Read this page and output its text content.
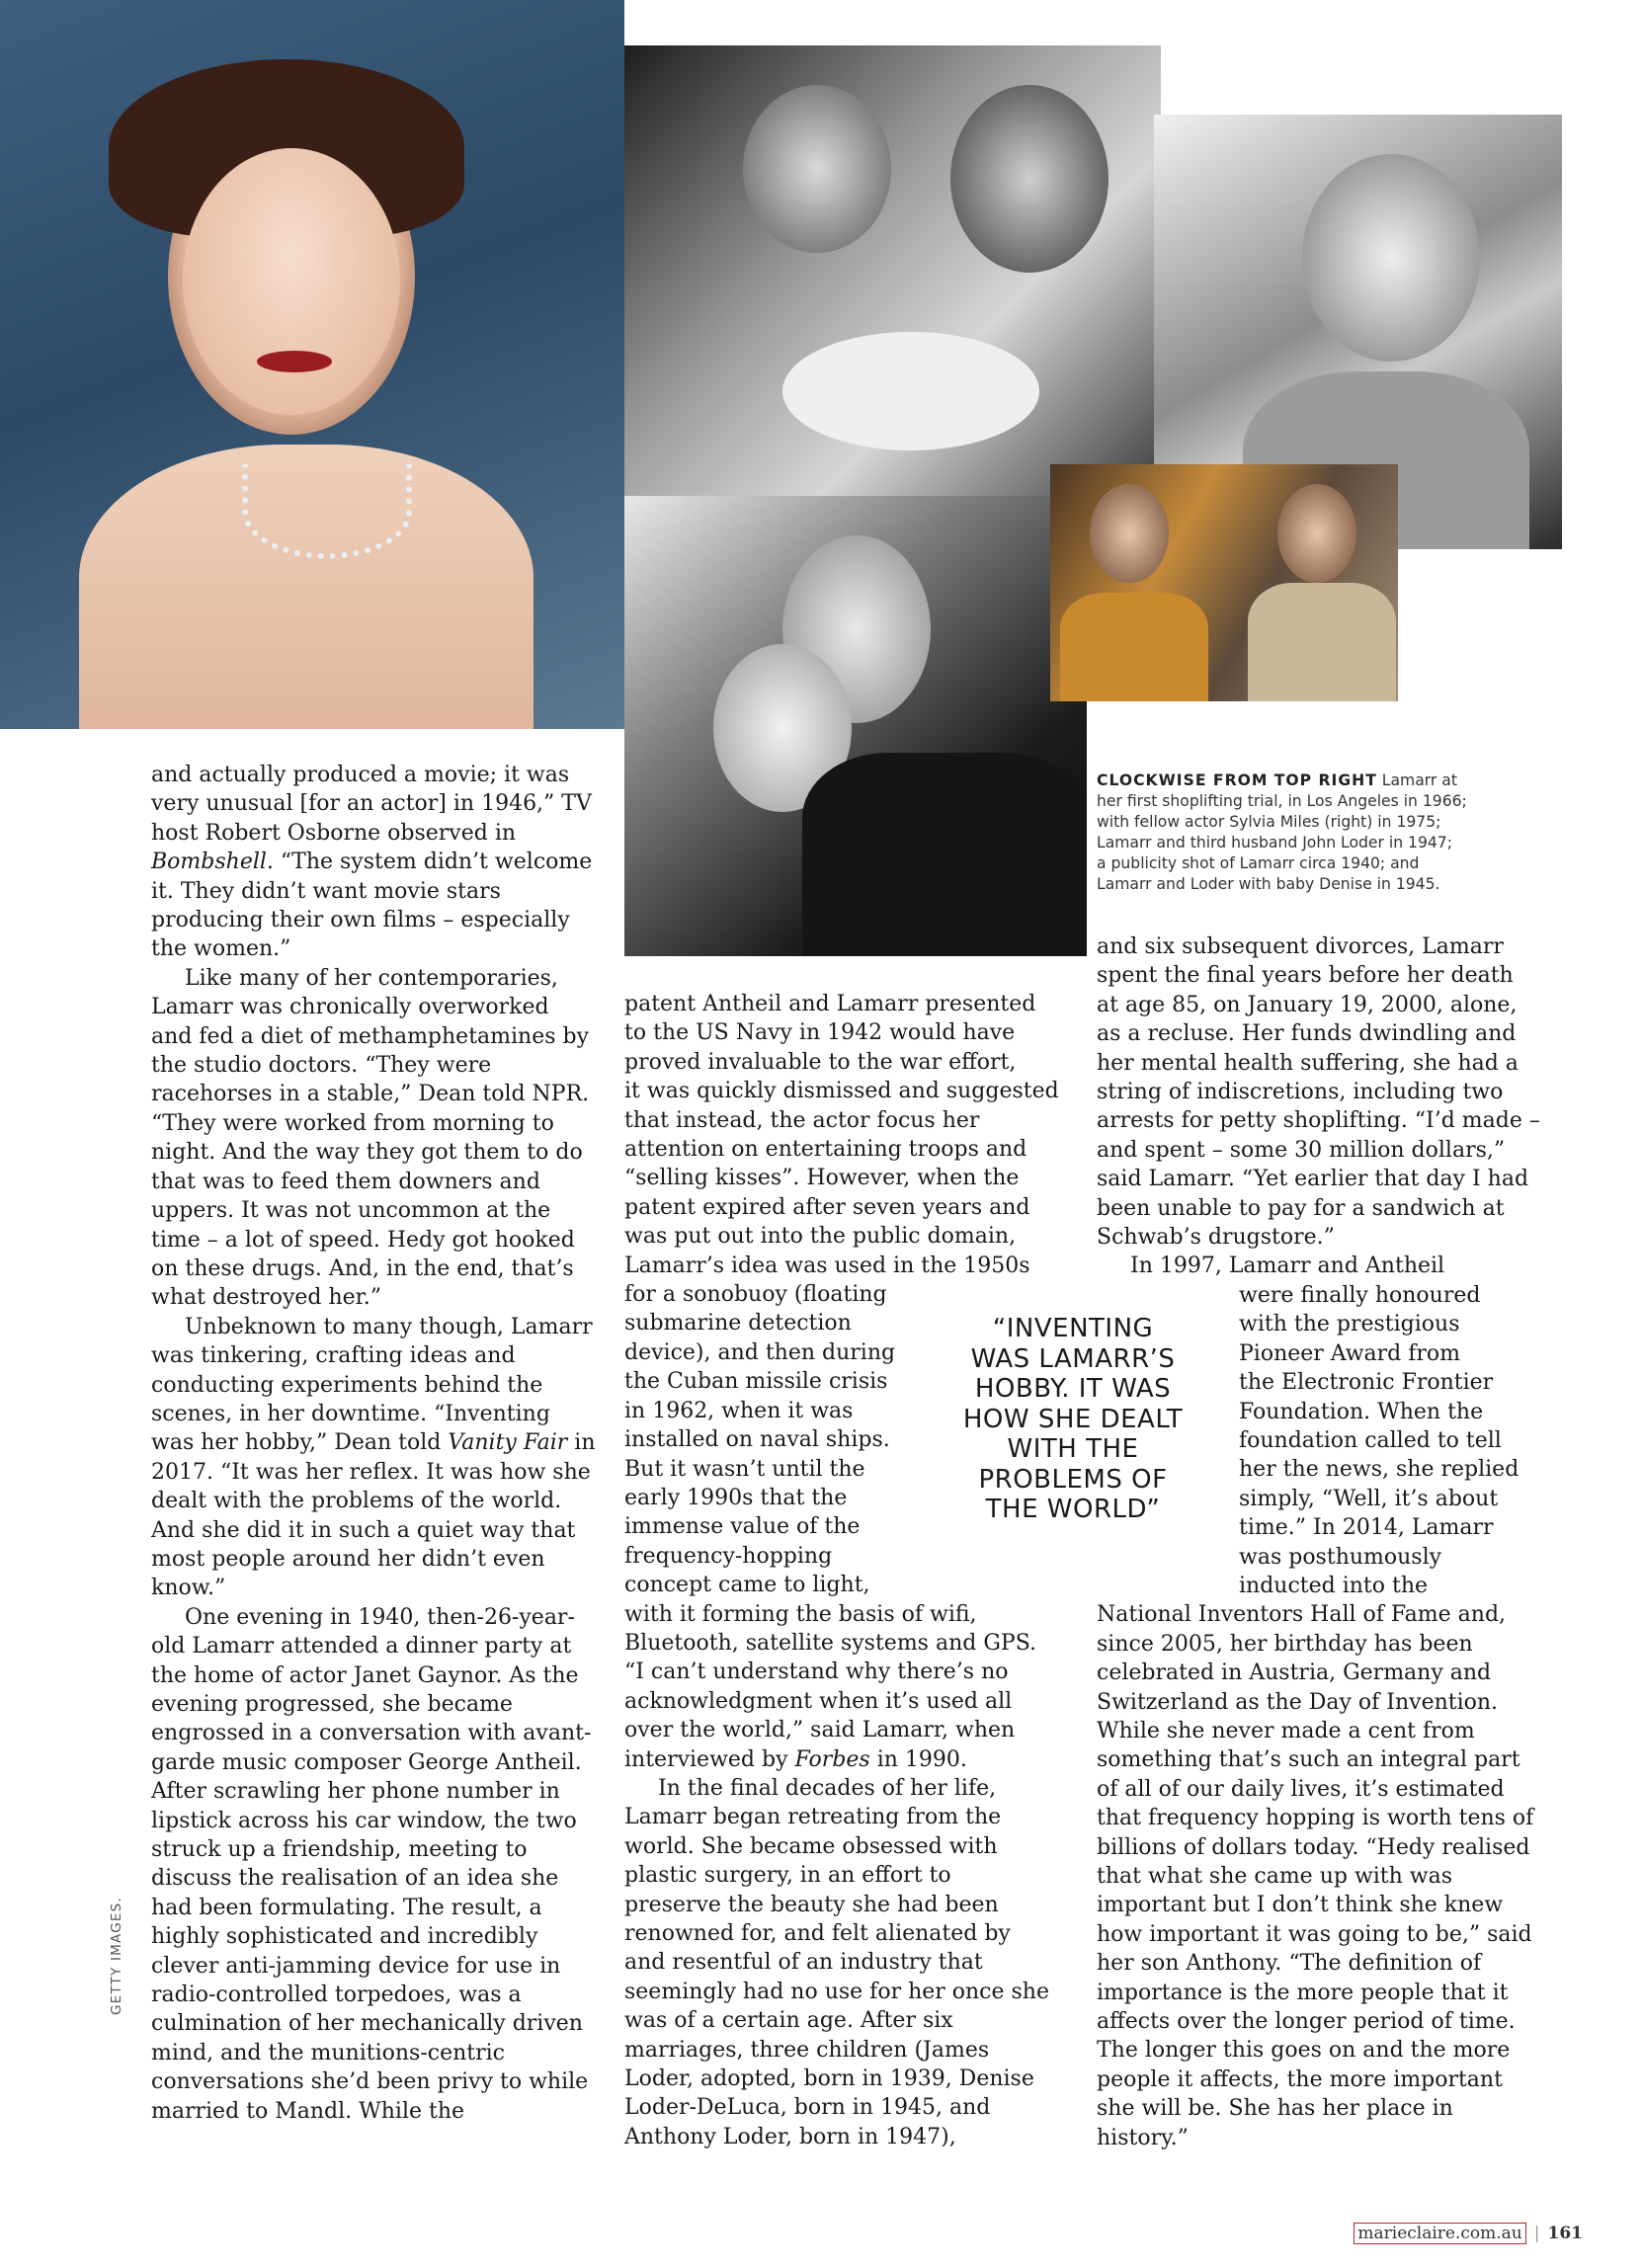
CLOCKWISE FROM TOP RIGHT Lamarr at
her first shoplifting trial, in Los Angeles in 1966;
with fellow actor Sylvia Miles (right) in 1975;
Lamarr and third husband John Loder in 1947;
a publicity shot of Lamarr circa 1940; and
Lamarr and Loder with baby Denise in 1945.

and actually produced a movie; it was very unusual [for an actor] in 1946,” TV host Robert Osborne observed in Bombshell. “The system didn’t welcome it. They didn’t want movie stars producing their own films – especially the women.”

Like many of her contemporaries, Lamarr was chronically overworked and fed a diet of methamphetamines by the studio doctors. “They were racehorses in a stable,” Dean told NPR. “They were worked from morning to night. And the way they got them to do that was to feed them downers and uppers. It was not uncommon at the time – a lot of speed. Hedy got hooked on these drugs. And, in the end, that’s what destroyed her.”

Unbeknown to many though, Lamarr was tinkering, crafting ideas and conducting experiments behind the scenes, in her downtime. “Inventing was her hobby,” Dean told Vanity Fair in 2017. “It was her reflex. It was how she dealt with the problems of the world. And she did it in such a quiet way that most people around her didn’t even know.”

One evening in 1940, then-26-year-old Lamarr attended a dinner party at the home of actor Janet Gaynor. As the evening progressed, she became engrossed in a conversation with avant-garde music composer George Antheil. After scrawling her phone number in lipstick across his car window, the two struck up a friendship, meeting to discuss the realisation of an idea she had been formulating. The result, a highly sophisticated and incredibly clever anti-jamming device for use in radio-controlled torpedoes, was a culmination of her mechanically driven mind, and the munitions-centric conversations she’d been privy to while married to Mandl. While the

patent Antheil and Lamarr presented
to the US Navy in 1942 would have
proved invaluable to the war effort,
it was quickly dismissed and suggested
that instead, the actor focus her
attention on entertaining troops and
“selling kisses”. However, when the
patent expired after seven years and
was put out into the public domain,
Lamarr’s idea was used in the 1950s
for a sonobuoy (floating
submarine detection
device), and then during
the Cuban missile crisis
in 1962, when it was
installed on naval ships.
But it wasn’t until the
early 1990s that the
immense value of the
frequency-hopping
concept came to light,

with it forming the basis of wifi, Bluetooth, satellite systems and GPS. “I can’t understand why there’s no acknowledgment when it’s used all over the world,” said Lamarr, when interviewed by Forbes in 1990.

In the final decades of her life, Lamarr began retreating from the world. She became obsessed with plastic surgery, in an effort to preserve the beauty she had been renowned for, and felt alienated by and resentful of an industry that seemingly had no use for her once she was of a certain age. After six marriages, three children (James Loder, adopted, born in 1939, Denise Loder-DeLuca, born in 1945, and Anthony Loder, born in 1947),

“INVENTING
WAS LAMARR’S
HOBBY. IT WAS
HOW SHE DEALT
WITH THE
PROBLEMS OF
THE WORLD”

and six subsequent divorces, Lamarr spent the final years before her death at age 85, on January 19, 2000, alone, as a recluse. Her funds dwindling and her mental health suffering, she had a string of indiscretions, including two arrests for petty shoplifting. “I’d made – and spent – some 30 million dollars,” said Lamarr. “Yet earlier that day I had been unable to pay for a sandwich at Schwab’s drugstore.”

In 1997, Lamarr and Antheil

were finally honoured
with the prestigious
Pioneer Award from
the Electronic Frontier
Foundation. When the
foundation called to tell
her the news, she replied
simply, “Well, it’s about
time.” In 2014, Lamarr
was posthumously
inducted into the

National Inventors Hall of Fame and, since 2005, her birthday has been celebrated in Austria, Germany and Switzerland as the Day of Invention. While she never made a cent from something that’s such an integral part of all of our daily lives, it’s estimated that frequency hopping is worth tens of billions of dollars today. “Hedy realised that what she came up with was important but I don’t think she knew how important it was going to be,” said her son Anthony. “The definition of importance is the more people that it affects over the longer period of time. The longer this goes on and the more people it affects, the more important she will be. She has her place in history.”

GETTY IMAGES.
marieclaire.com.au | 161
